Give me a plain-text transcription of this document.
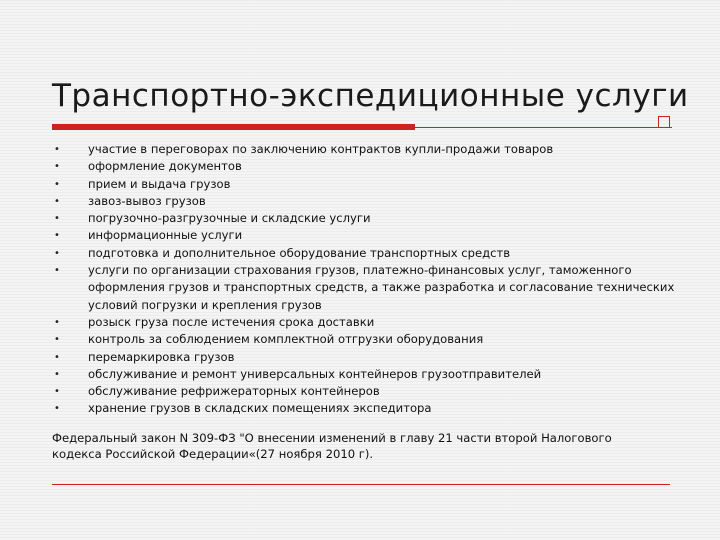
Транспортно-экспедиционные услуги
• участие в переговорах по заключению контрактов купли-продажи товаров
• оформление документов
• прием и выдача грузов
• завоз-вывоз грузов
• погрузочно-разгрузочные и складские услуги
• информационные услуги
• подготовка и дополнительное оборудование транспортных средств
• услуги по организации страхования грузов, платежно-финансовых услуг, таможенного оформления грузов и транспортных средств, а также разработка и согласование технических условий погрузки и крепления грузов
• розыск груза после истечения срока доставки
• контроль за соблюдением комплектной отгрузки оборудования
• перемаркировка грузов
• обслуживание и ремонт универсальных контейнеров грузоотправителей
• обслуживание рефрижераторных контейнеров
• хранение грузов в складских помещениях экспедитора
Федеральный закон N 309-ФЗ "О внесении изменений в главу 21 части второй Налогового кодекса Российской Федерации«(27 ноября 2010 г).
